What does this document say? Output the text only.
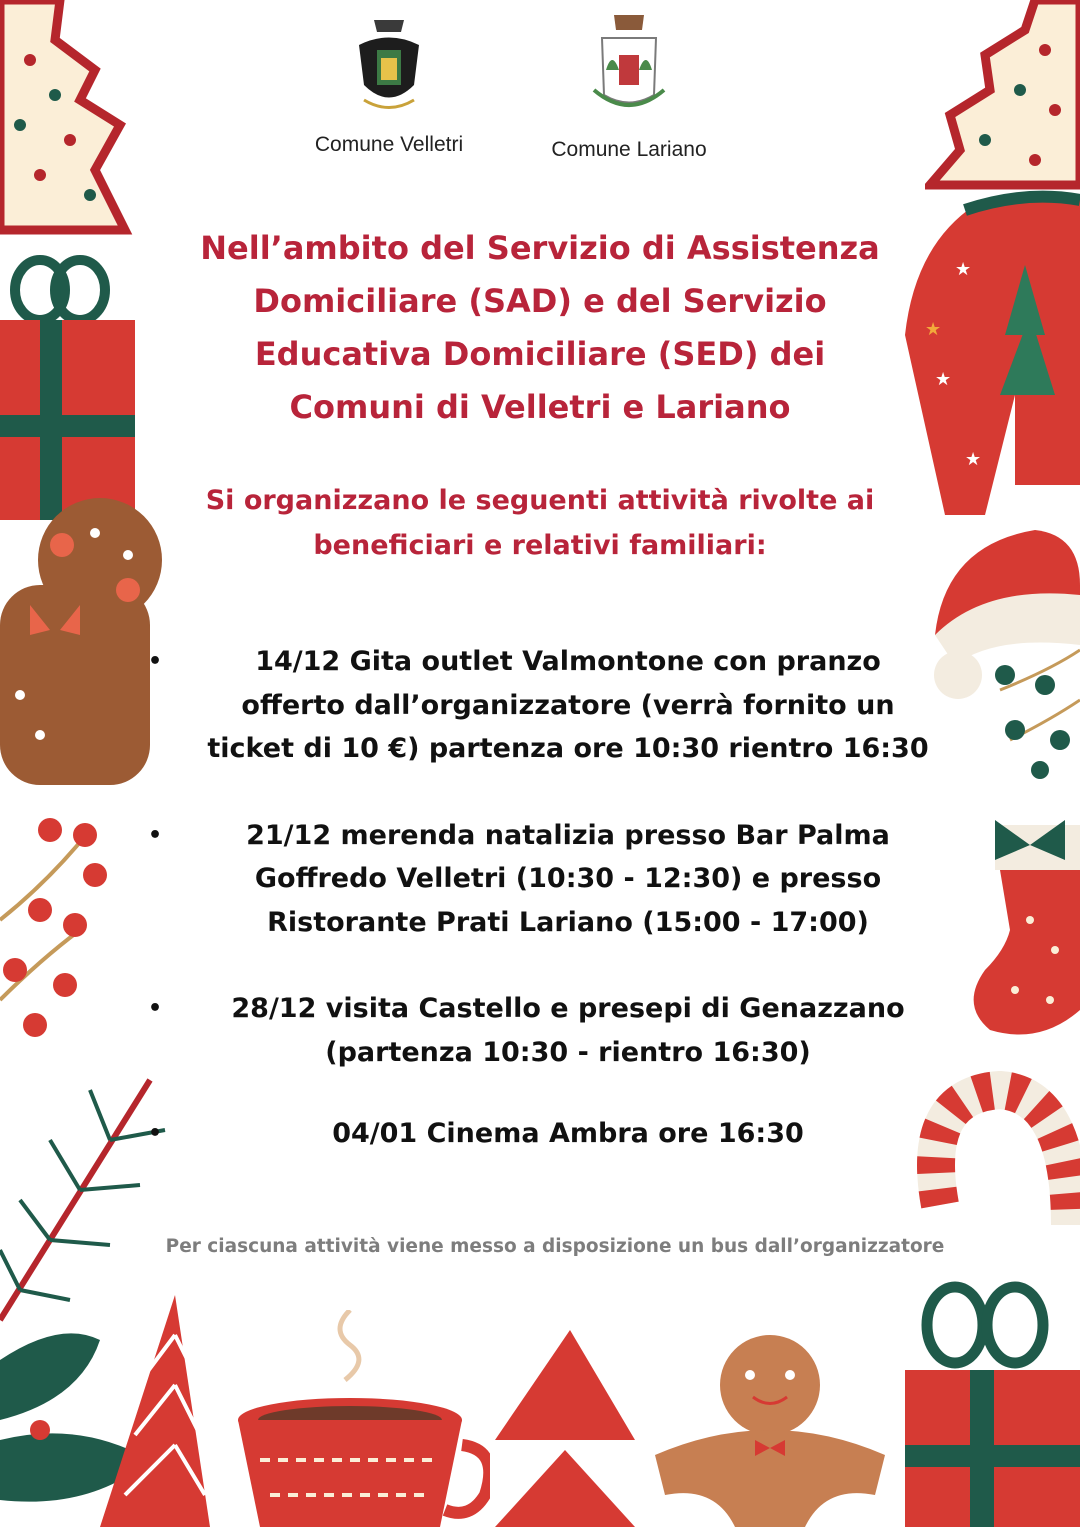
★
★
★
★
Comune Velletri	Comune Lariano
Nell’ambito del Servizio di Assistenza
Domiciliare (SAD) e del Servizio
Educativa Domiciliare (SED) dei
Comuni di Velletri e Lariano
Si organizzano le seguenti attività rivolte ai
beneficiari e relativi familiari:
•	14/12 Gita outlet Valmontone con pranzo
offerto dall’organizzatore (verrà fornito un
ticket di 10 €) partenza ore 10:30 rientro 16:30
•	21/12 merenda natalizia presso Bar Palma
Goffredo Velletri (10:30 - 12:30) e presso
Ristorante Prati Lariano (15:00 - 17:00)
•	28/12 visita Castello e presepi di Genazzano
(partenza 10:30 - rientro 16:30)
•	04/01 Cinema Ambra ore 16:30
Per ciascuna attività viene messo a disposizione un bus dall’organizzatore
